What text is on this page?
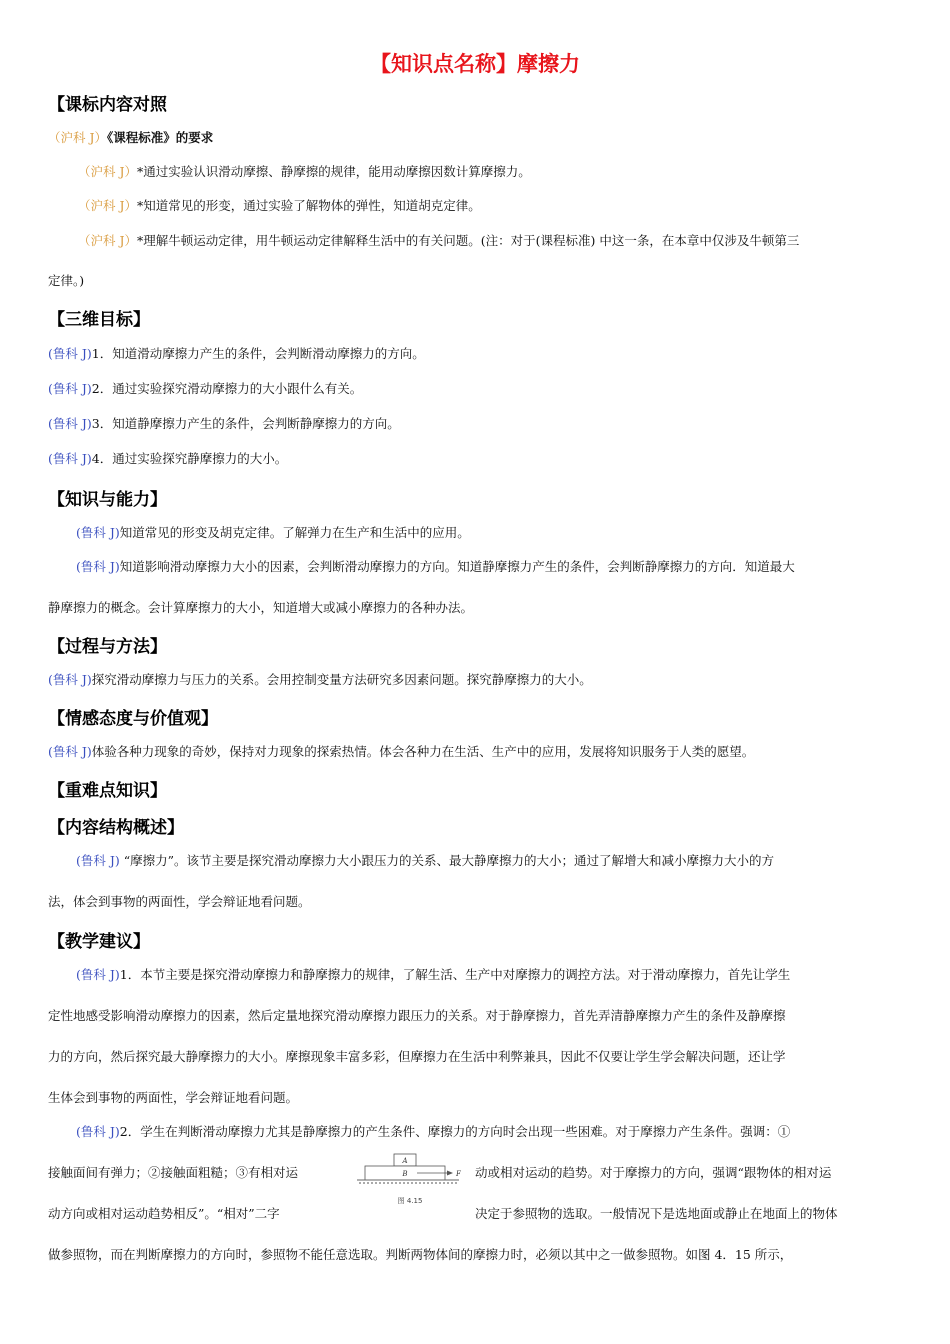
【知识点名称】摩擦力
【课标内容对照
（沪科 J）《课程标准》的要求
（沪科 J）*通过实验认识滑动摩擦、静摩擦的规律，能用动摩擦因数计算摩擦力。
（沪科 J）*知道常见的形变，通过实验了解物体的弹性，知道胡克定律。
（沪科 J）*理解牛顿运动定律，用牛顿运动定律解释生活中的有关问题。(注：对于(课程标准) 中这一条，在本章中仅涉及牛顿第三
定律。)
【三维目标】
(鲁科 J)1．知道滑动摩擦力产生的条件，会判断滑动摩擦力的方向。
(鲁科 J)2．通过实验探究滑动摩擦力的大小跟什么有关。
(鲁科 J)3．知道静摩擦力产生的条件，会判断静摩擦力的方向。
(鲁科 J)4．通过实验探究静摩擦力的大小。
【知识与能力】
(鲁科 J)知道常见的形变及胡克定律。了解弹力在生产和生活中的应用。
(鲁科 J)知道影响滑动摩擦力大小的因素，会判断滑动摩擦力的方向。知道静摩擦力产生的条件，会判断静摩擦力的方向．知道最大
静摩擦力的概念。会计算摩擦力的大小，知道增大或减小摩擦力的各种办法。
【过程与方法】
(鲁科 J)探究滑动摩擦力与压力的关系。会用控制变量方法研究多因素问题。探究静摩擦力的大小。
【情感态度与价值观】
(鲁科 J)体验各种力现象的奇妙，保持对力现象的探索热情。体会各种力在生活、生产中的应用，发展将知识服务于人类的愿望。
【重难点知识】
【内容结构概述】
(鲁科 J) “摩擦力”。该节主要是探究滑动摩擦力大小跟压力的关系、最大静摩擦力的大小；通过了解增大和减小摩擦力大小的方
法，体会到事物的两面性，学会辩证地看问题。
【教学建议】
(鲁科 J)1．本节主要是探究滑动摩擦力和静摩擦力的规律，了解生活、生产中对摩擦力的调控方法。对于滑动摩擦力，首先让学生
定性地感受影响滑动摩擦力的因素，然后定量地探究滑动摩擦力跟压力的关系。对于静摩擦力，首先弄清静摩擦力产生的条件及静摩擦
力的方向，然后探究最大静摩擦力的大小。摩擦现象丰富多彩，但摩擦力在生活中利弊兼具，因此不仅要让学生学会解决问题，还让学
生体会到事物的两面性，学会辩证地看问题。
(鲁科 J)2．学生在判断滑动摩擦力尤其是静摩擦力的产生条件、摩擦力的方向时会出现一些困难。对于摩擦力产生条件。强调：①
接触面间有弹力；②接触面粗糙；③有相对运	动或相对运动的趋势。对于摩擦力的方向，强调“跟物体的相对运
动方向或相对运动趋势相反”。“相对”二字	决定于参照物的选取。一般情况下是选地面或静止在地面上的物体
做参照物，而在判断摩擦力的方向时，参照物不能任意选取。判断两物体间的摩擦力时，必须以其中之一做参照物。如图 4．15 所示，
A
B	F
图 4.15
